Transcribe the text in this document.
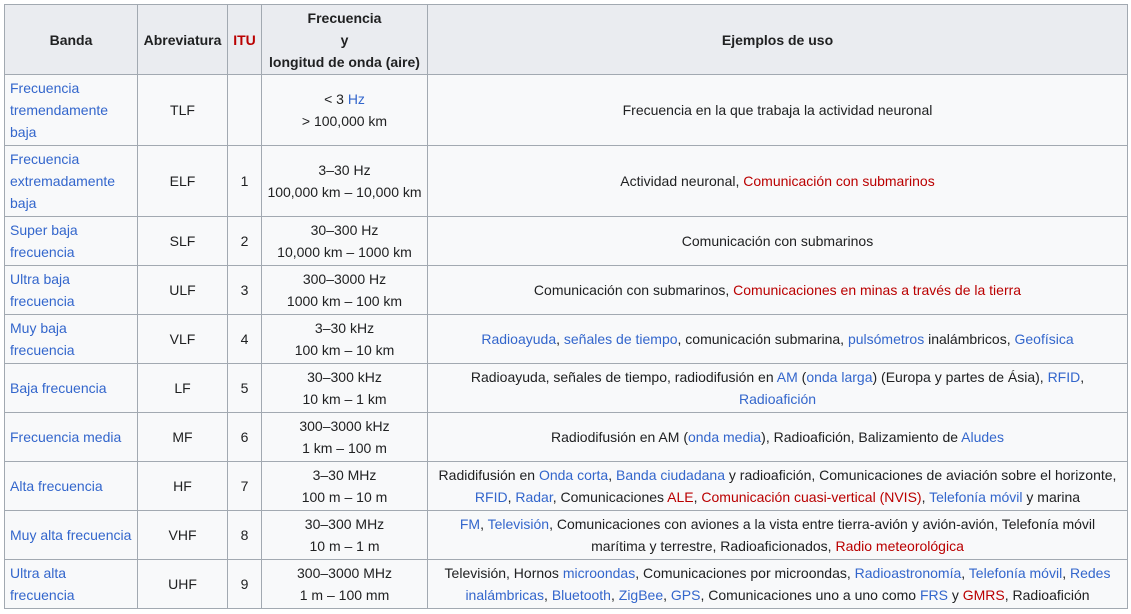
Banda	Abreviatura	ITU	Frecuencia
y
longitud de onda (aire)	Ejemplos de uso

Frecuencia
tremendamente
baja	TLF		< 3 Hz
> 100,000 km	Frecuencia en la que trabaja la actividad neuronal

Frecuencia
extremadamente
baja	ELF	1	3–30 Hz
100,000 km – 10,000 km	Actividad neuronal, Comunicación con submarinos

Super baja
frecuencia	SLF	2	30–300 Hz
10,000 km – 1000 km	Comunicación con submarinos

Ultra baja
frecuencia	ULF	3	300–3000 Hz
1000 km – 100 km	Comunicación con submarinos, Comunicaciones en minas a través de la tierra

Muy baja
frecuencia	VLF	4	3–30 kHz
100 km – 10 km	Radioayuda, señales de tiempo, comunicación submarina, pulsómetros inalámbricos, Geofísica

Baja frecuencia	LF	5	30–300 kHz
10 km – 1 km	Radioayuda, señales de tiempo, radiodifusión en AM (onda larga) (Europa y partes de Ásia), RFID,
Radioafición

Frecuencia media	MF	6	300–3000 kHz
1 km – 100 m	Radiodifusión en AM (onda media), Radioafición, Balizamiento de Aludes

Alta frecuencia	HF	7	3–30 MHz
100 m – 10 m	Radidifusión en Onda corta, Banda ciudadana y radioafición, Comunicaciones de aviación sobre el horizonte,
RFID, Radar, Comunicaciones ALE, Comunicación cuasi-vertical (NVIS), Telefonía móvil y marina

Muy alta frecuencia	VHF	8	30–300 MHz
10 m – 1 m	FM, Televisión, Comunicaciones con aviones a la vista entre tierra-avión y avión-avión, Telefonía móvil
marítima y terrestre, Radioaficionados, Radio meteorológica

Ultra alta
frecuencia	UHF	9	300–3000 MHz
1 m – 100 mm	Televisión, Hornos microondas, Comunicaciones por microondas, Radioastronomía, Telefonía móvil, Redes
inalámbricas, Bluetooth, ZigBee, GPS, Comunicaciones uno a uno como FRS y GMRS, Radioafición
